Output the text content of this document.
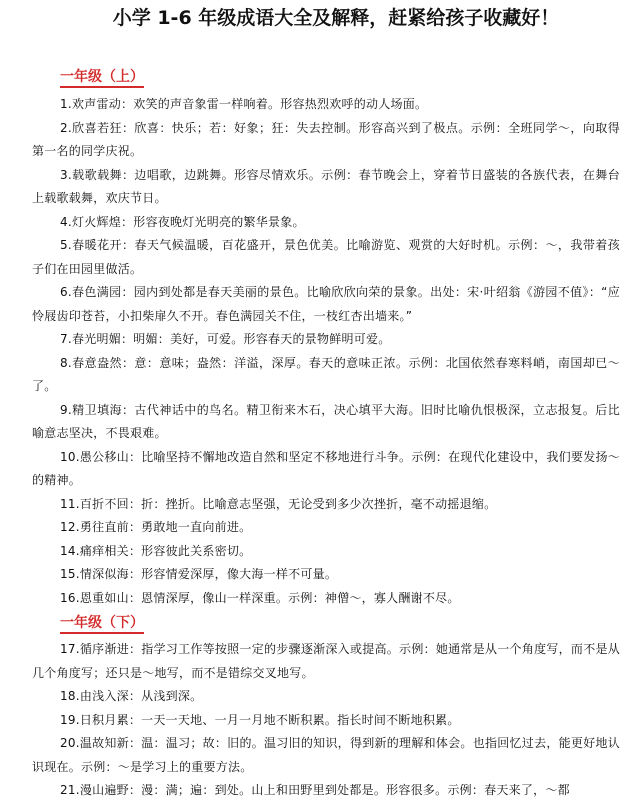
小学 1-6 年级成语大全及解释，赶紧给孩子收藏好！
一年级（上）

1.欢声雷动：欢笑的声音象雷一样响着。形容热烈欢呼的动人场面。

2.欣喜若狂：欣喜：快乐；若：好象；狂：失去控制。形容高兴到了极点。示例：全班同学～，向取得第一名的同学庆祝。

3.载歌载舞：边唱歌，边跳舞。形容尽情欢乐。示例：春节晚会上，穿着节日盛装的各族代表，在舞台上载歌载舞，欢庆节日。

4.灯火辉煌：形容夜晚灯光明亮的繁华景象。

5.春暖花开：春天气候温暖，百花盛开，景色优美。比喻游览、观赏的大好时机。示例：～，我带着孩子们在田园里做活。

6.春色满园：园内到处都是春天美丽的景色。比喻欣欣向荣的景象。出处：宋·叶绍翁《游园不值》：“应怜屐齿印苍苔，小扣柴扉久不开。春色满园关不住，一枝红杏出墙来。”

7.春光明媚：明媚：美好，可爱。形容春天的景物鲜明可爱。

8.春意盎然：意：意味；盎然：洋溢，深厚。春天的意味正浓。示例：北国依然春寒料峭，南国却已～了。

9.精卫填海：古代神话中的鸟名。精卫衔来木石，决心填平大海。旧时比喻仇恨极深，立志报复。后比喻意志坚决，不畏艰难。

10.愚公移山：比喻坚持不懈地改造自然和坚定不移地进行斗争。示例：在现代化建设中，我们要发扬～的精神。

11.百折不回：折：挫折。比喻意志坚强，无论受到多少次挫折，毫不动摇退缩。

12.勇往直前：勇敢地一直向前进。

14.痛痒相关：形容彼此关系密切。

15.情深似海：形容情爱深厚，像大海一样不可量。

16.恩重如山：恩情深厚，像山一样深重。示例：神僧～，寡人酬谢不尽。

一年级（下）

17.循序渐进：指学习工作等按照一定的步骤逐渐深入或提高。示例：她通常是从一个角度写，而不是从几个角度写；还只是～地写，而不是错综交叉地写。

18.由浅入深：从浅到深。

19.日积月累：一天一天地、一月一月地不断积累。指长时间不断地积累。

20.温故知新：温：温习；故：旧的。温习旧的知识，得到新的理解和体会。也指回忆过去，能更好地认识现在。示例：～是学习上的重要方法。

21.漫山遍野：漫：满；遍：到处。山上和田野里到处都是。形容很多。示例：春天来了，～都
